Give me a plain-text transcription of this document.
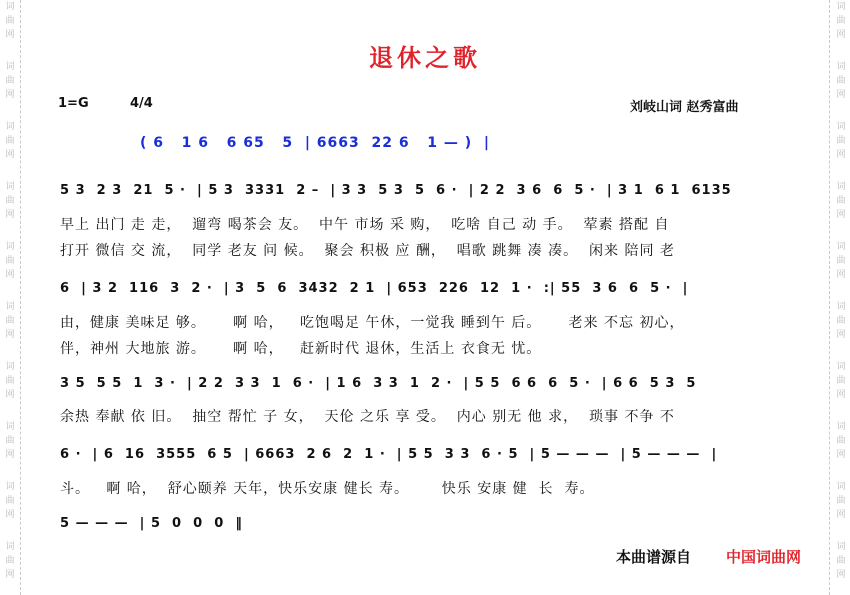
词
曲
网
词
曲
网
词
曲
网
词
曲
网
词
曲
网
词
曲
网
词
曲
网
词
曲
网
词
曲
网
词
曲
网
词
曲
网
词
曲
网
词
曲
网
词
曲
网
词
曲
网
词
曲
网
词
曲
网
词
曲
网
词
曲
网
词
曲
网
退休之歌
1=G	4/4	刘岐山词 赵秀富曲
( 6   1 6   6 65   5  | 6663  22 6   1 — )  |
5 3  2 3  21  5 ·  | 5 3  3331  2 –  | 3 3  5 3  5  6 ·  | 2 2  3 6  6  5 ·  | 3 1  6 1  6135
早上 出门 走 走，  遛弯 喝茶会 友。  中午 市场 采 购，  吃啥 自己 动 手。  荤素 搭配 自
打开 微信 交 流，  同学 老友 问 候。  聚会 积极 应 酬，  唱歌 跳舞 凑 凑。  闲来 陪同 老
6  | 3 2  116  3  2 ·  | 3  5  6  3432  2 1  | 653  226  12  1 ·  :| 55  3 6  6  5 ·  |
由，健康 美味足 够。     啊 哈，   吃饱喝足 午休，一觉我 睡到午 后。     老来 不忘 初心，
伴，神州 大地旅 游。     啊 哈，   赶新时代 退休，生活上 衣食无 忧。
3 5  5 5  1  3 ·  | 2 2  3 3  1  6 ·  | 1 6  3 3  1  2 ·  | 5 5  6 6  6  5 ·  | 6 6  5 3  5
余热 奉献 依 旧。  抽空 帮忙 子 女，  天伦 之乐 享 受。  内心 别无 他 求，  琐事 不争 不
6 ·  | 6  16  3555  6 5  | 6663  2 6  2  1 ·  | 5 5  3 3  6 · 5  | 5 — — —  | 5 — — —  |
斗。   啊 哈，  舒心颐养 天年，快乐安康 健长 寿。      快乐 安康 健  长  寿。
5 — — —  | 5  0  0  0  ‖
本曲谱源自 中国词曲网
